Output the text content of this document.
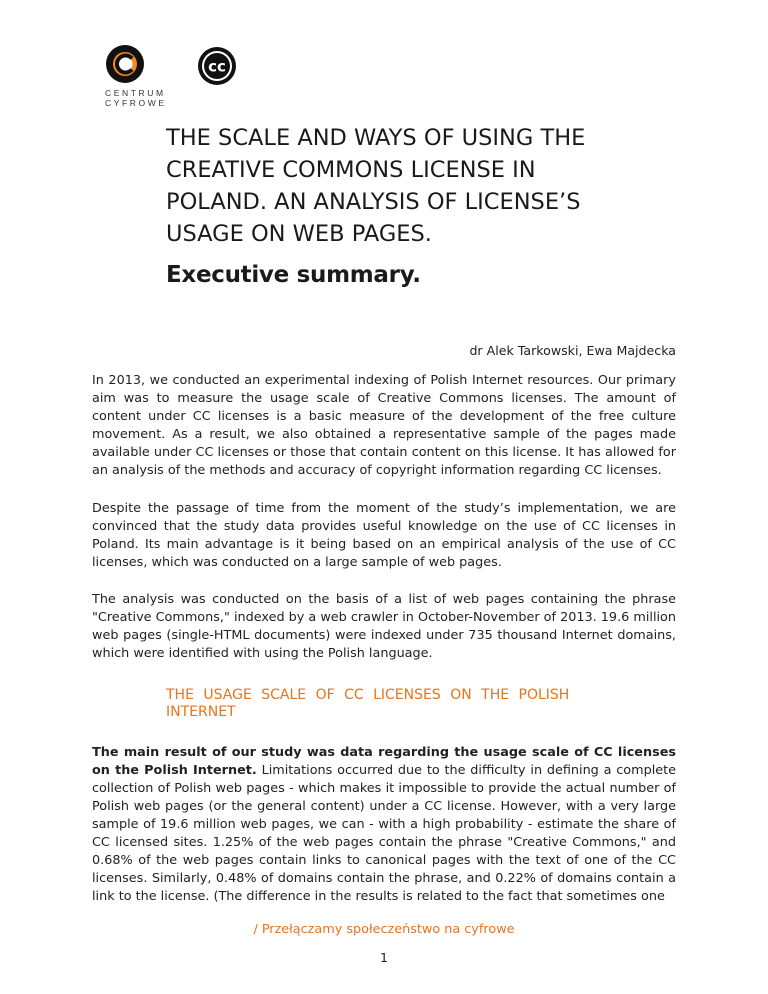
CENTRUM
CYFROWE
cc
THE SCALE AND WAYS OF USING THE CREATIVE COMMONS LICENSE IN POLAND. AN ANALYSIS OF LICENSE’S USAGE ON WEB PAGES.
Executive summary.
dr Alek Tarkowski, Ewa Majdecka

In 2013, we conducted an experimental indexing of Polish Internet resources. Our primary aim was to measure the usage scale of Creative Commons licenses. The amount of content under CC licenses is a basic measure of the development of the free culture movement. As a result, we also obtained a representative sample of the pages made available under CC licenses or those that contain content on this license. It has allowed for an analysis of the methods and accuracy of copyright information regarding CC licenses.

Despite the passage of time from the moment of the study’s implementation, we are convinced that the study data provides useful knowledge on the use of CC licenses in Poland. Its main advantage is it being based on an empirical analysis of the use of CC licenses, which was conducted on a large sample of web pages.

The analysis was conducted on the basis of a list of web pages containing the phrase "Creative Commons," indexed by a web crawler in October-November of 2013. 19.6 million web pages (single-HTML documents) were indexed under 735 thousand Internet domains, which were identified with using the Polish language.

THE USAGE SCALE OF CC LICENSES ON THE POLISH INTERNET

The main result of our study was data regarding the usage scale of CC licenses on the Polish Internet. Limitations occurred due to the difficulty in defining a complete collection of Polish web pages - which makes it impossible to provide the actual number of Polish web pages (or the general content) under a CC license. However, with a very large sample of 19.6 million web pages, we can - with a high probability - estimate the share of CC licensed sites. 1.25% of the web pages contain the phrase "Creative Commons," and 0.68% of the web pages contain links to canonical pages with the text of one of the CC licenses. Similarly, 0.48% of domains contain the phrase, and 0.22% of domains contain a link to the license. (The difference in the results is related to the fact that sometimes one

/ Przełączamy społeczeństwo na cyfrowe
1
